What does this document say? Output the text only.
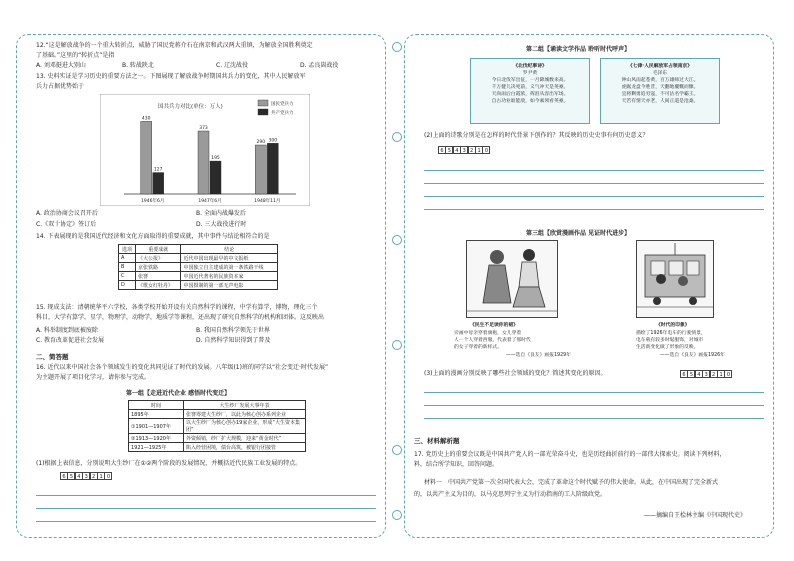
12.“这是解放战争的一个重大转折点，威胁了国民党蒋介石在南京和武汉两大重镇，为解放全国胜利奠定
了基础。”这里的“转折点”是指
A. 刘邓挺进大别山	B. 转战陕北	C. 辽沈战役	D. 孟良崮战役
13. 史料实证是学习历史的重要方法之一。下图展现了解放战争时期国共兵力的变化，其中人民解放军
兵力占据优势始于
国共兵力对比(单位：万人)	国民党兵力
共产党兵力
430
127
1946年6月
373
195
1947年6月
290 300
1948年11月
A. 政治协商会议召开后	B. 全面内战爆发后
C.《双十协定》签订后	D. 三大战役进行时
14. 下表展现的是我国近代经济和文化方面取得的重要成就，其中事件与结论相符合的是
选项	重要成就	结论
A	《大公报》	近代中国出现最早的中文报纸
B	京张铁路	中国独立自主建成的第一条铁路干线
C	张謇	中国近代著名的民族资本家
D	《歌女红牡丹》	中国摄制的第一部无声电影
15. 现成支法：清朝统华平六学校，各类学校开始开设有关自然科学的课程，中学有算学，博物，理化三个
科目，大学有算学，星学，物理学，动物学，地质学等课程，还出现了研究自然科学的机构和团体。这反映出
A. 科举制度到底被废除	B. 我国自然科学领先于世界
C. 教育改革促进社会发展	D. 自然科学知识得到了普及
二、简答题
16. 近代以来中国社会各个领域发生的变化共同见证了时代的发展。八年级(1)班的同学以“社会变迁·时代发展”
为主题开展了项目化学习，请你参与完成。
第一组【走进近代企业 感悟时代变迁】
时间	大生纱厂发展大事年表
1895年	张謇筹建大生纱厂，以此为核心创办系列企业
①1901—1907年	以大生纱厂为核心创办19家企业，形成“大生资本集团”
②1913—1920年	外资倾销，纱厂扩大规模，迎来“黄金时代”
1921—1925年	陷入经营困境，债台高筑，被银行团接管
(1)根据上表信息，分别说明大生纱厂在①②两个阶段的发展情况，并概括近代民族工业发展的特点。
6 5 4 3 2 1 0
第二组【诵读文学作品 聆听时代呼声】
《北伐纪事诗》
罗尹黄
今日北伐军出征，一月降城数来高。
千万健儿决死前，义气冲天是英豪。
天尚雨后白霞浓，挥泪从容出军场。
自古功业谁能敌，如今素须看英豪。
《七律·人民解放军占领南京》
毛泽东
钟山风雨起苍黄，百万雄师过大江。
虎踞龙盘今胜昔，天翻地覆慨而慷。
宜将剩勇追穷寇，不可沽名学霸王。
天若有情天亦老，人间正道是沧桑。
(2)上面的诗歌分别是在怎样的时代背景下创作的？其反映的历史史事有何历史意义？
6 5 4 3 2 1 0
第三组【欣赏漫画作品 见证时代进步】
《民生不足读你的裙》
旁画中母亲穿着旗袍，女儿穿着
人一个人穿着西服，代表着了那时代
的女子穿着的新样式。
——选自《良友》画报1929年
《时代的印象》
描绘了1926年电车的行驶情景，
电车载有较多时髦服饰，对城市
生活新变化做了形象的反映。
——选自《良友》画报1926年
(3)上面的漫画分别反映了哪些社会领域的变化？简述其变化的原因。	6 5 4 3 2 1 0
三、材料解析题
17. 党历史上的重要会议既是中国共产党人的一部光荣奋斗史，也是历经曲折前行的一部伟大探索史。阅读下列材料，
料，结合所学知识，回答问题。
材料一　中国共产党第一次全国代表大会，完成了革命这个时代赋予的伟大使命。从此，在中国出现了完全新式
的，以共产主义为目的，以马克思列宁主义为行动指南的工人阶级政党。
——摘编自王桧林主编《中国现代史》
